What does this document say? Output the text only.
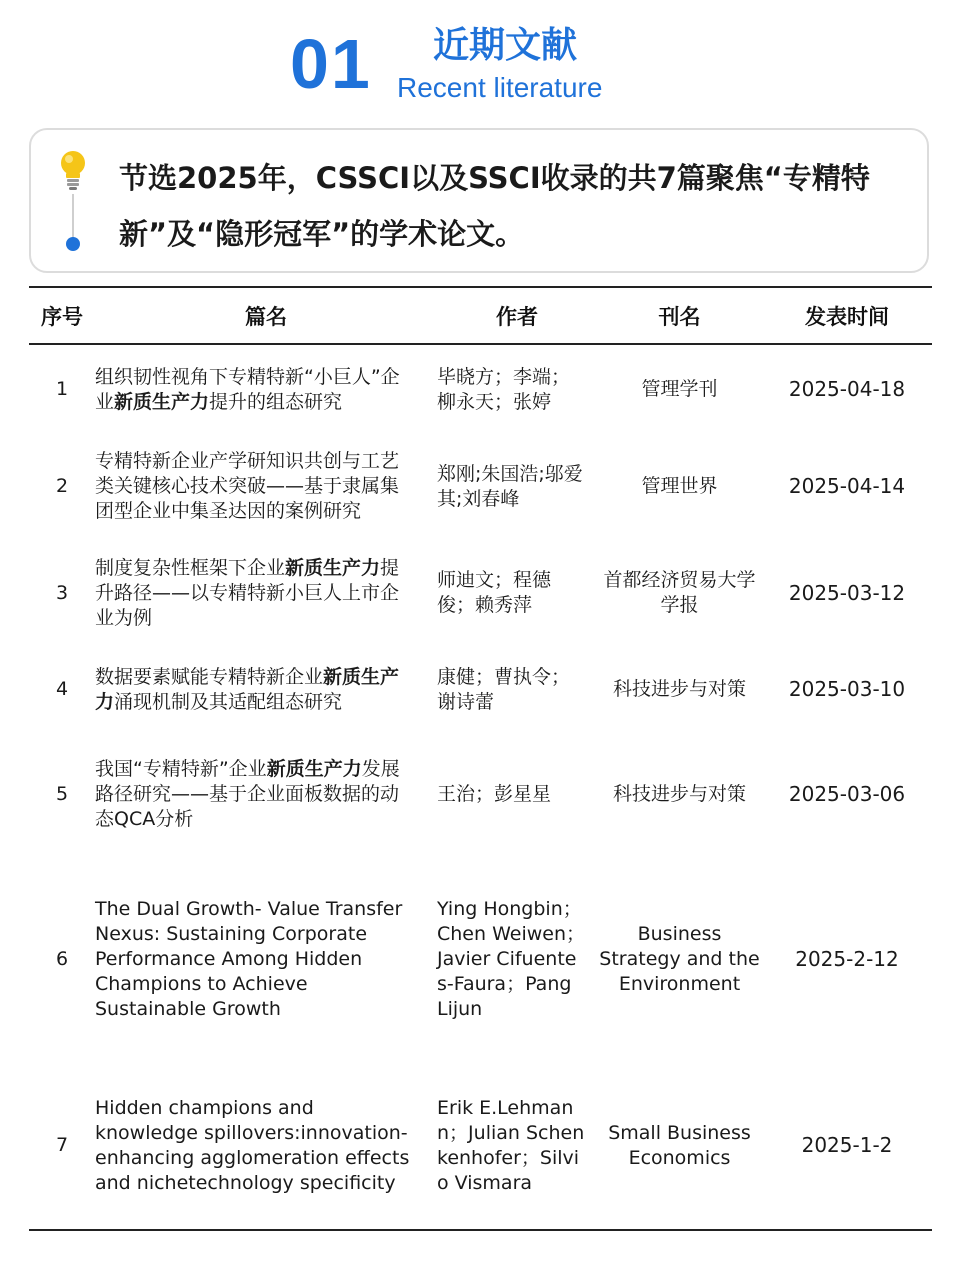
01 近期文献
Recent literature
节选2025年，CSSCI以及SSCI收录的共7篇聚焦“专精特新”及“隐形冠军”的学术论文。
序号	篇名	作者	刊名	发表时间
1	组织韧性视角下专精特新“小巨人”企业新质生产力提升的组态研究	毕晓方；李端；柳永天；张婷	管理学刊	2025-04-18
2	专精特新企业产学研知识共创与工艺类关键核心技术突破——基于隶属集团型企业中集圣达因的案例研究	郑刚;朱国浩;邬爱其;刘春峰	管理世界	2025-04-14
3	制度复杂性框架下企业新质生产力提升路径——以专精特新小巨人上市企业为例	师迪文；程德俊；赖秀萍	首都经济贸易大学学报	2025-03-12
4	数据要素赋能专精特新企业新质生产力涌现机制及其适配组态研究	康健；曹执令；谢诗蕾	科技进步与对策	2025-03-10
5	我国“专精特新”企业新质生产力发展路径研究——基于企业面板数据的动态QCA分析	王治；彭星星	科技进步与对策	2025-03-06
6	The Dual Growth- Value Transfer Nexus: Sustaining Corporate Performance Among Hidden Champions to Achieve Sustainable Growth	Ying Hongbin；Chen Weiwen；Javier Cifuentes-Faura；Pang Lijun	Business Strategy and the Environment	2025-2-12
7	Hidden champions and knowledge spillovers:innovation-enhancing agglomeration effects and nichetechnology specificity	Erik E.Lehmann；Julian Schenkenhofer；Silvio Vismara	Small Business Economics	2025-1-2
